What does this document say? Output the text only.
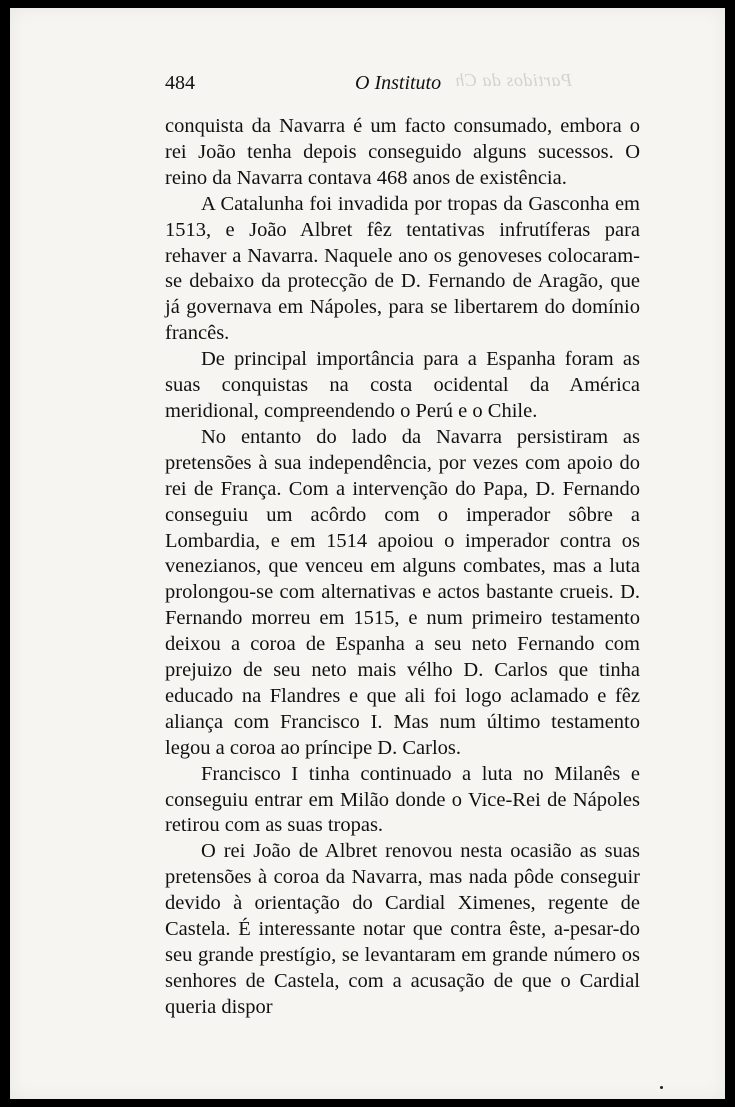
Partidos da Ch
484	O Instituto

conquista da Navarra é um facto consumado, embora o rei João tenha depois conseguido alguns sucessos. O reino da Navarra contava 468 anos de existência.

A Catalunha foi invadida por tropas da Gasconha em 1513, e João Albret fêz tentativas infrutíferas para rehaver a Navarra. Naquele ano os genoveses colocaram-se debaixo da protecção de D. Fernando de Aragão, que já governava em Nápoles, para se libertarem do domínio francês.

De principal importância para a Espanha foram as suas conquistas na costa ocidental da América meridional, compreendendo o Perú e o Chile.

No entanto do lado da Navarra persistiram as pretensões à sua independência, por vezes com apoio do rei de França. Com a intervenção do Papa, D. Fernando conseguiu um acôrdo com o imperador sôbre a Lombardia, e em 1514 apoiou o imperador contra os venezianos, que venceu em alguns combates, mas a luta prolongou-se com alternativas e actos bastante crueis. D. Fernando morreu em 1515, e num primeiro testamento deixou a coroa de Espanha a seu neto Fernando com prejuizo de seu neto mais vélho D. Carlos que tinha educado na Flandres e que ali foi logo aclamado e fêz aliança com Francisco I. Mas num último testamento legou a coroa ao príncipe D. Carlos.

Francisco I tinha continuado a luta no Milanês e conseguiu entrar em Milão donde o Vice-Rei de Nápoles retirou com as suas tropas.

O rei João de Albret renovou nesta ocasião as suas pretensões à coroa da Navarra, mas nada pôde conseguir devido à orientação do Cardial Ximenes, regente de Castela. É interessante notar que contra êste, a-pesar-do seu grande prestígio, se levantaram em grande número os senhores de Castela, com a acusação de que o Cardial queria dispor
